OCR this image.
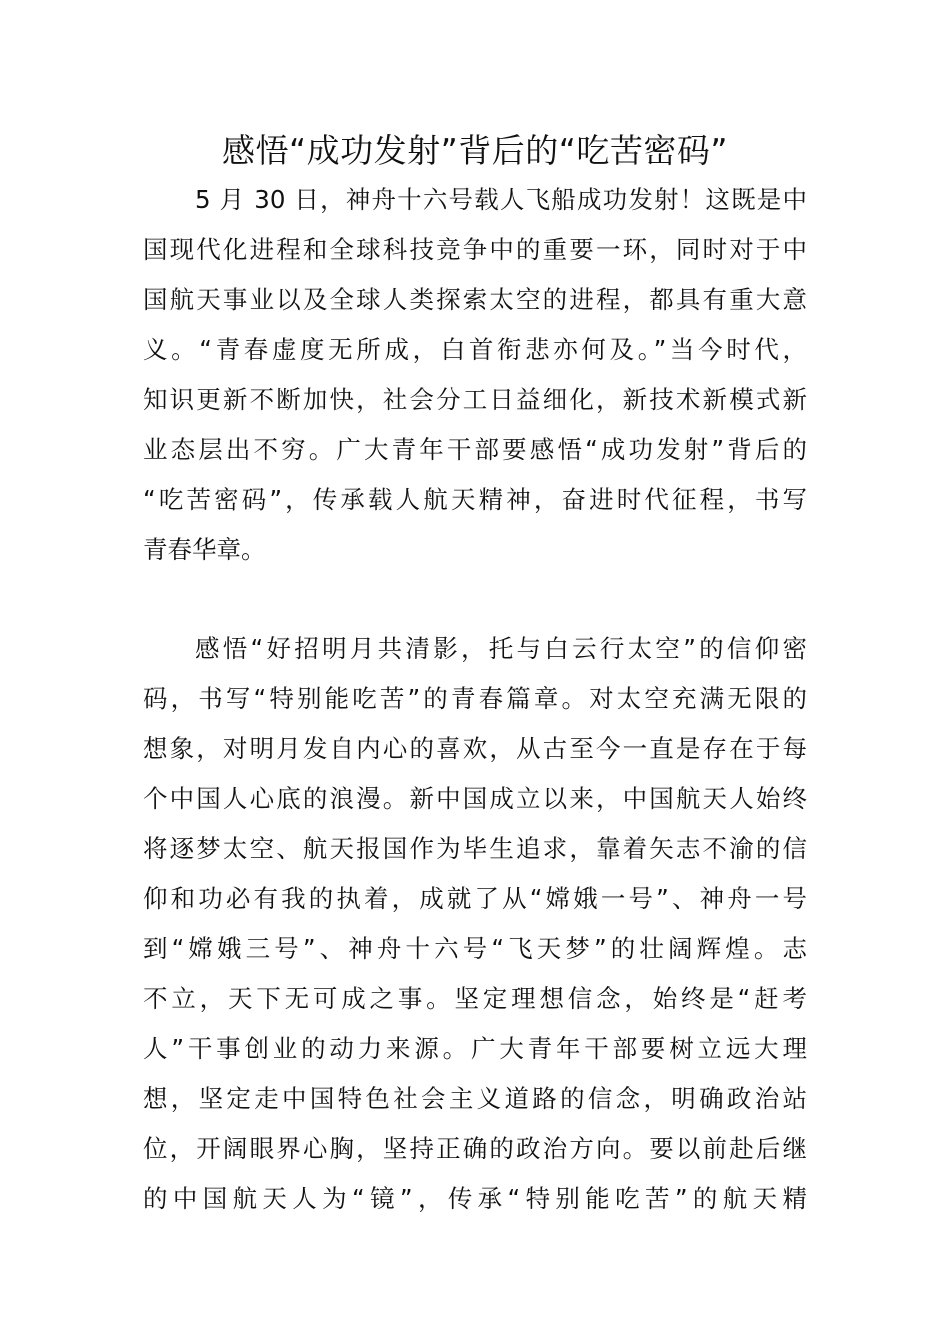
感悟“成功发射”背后的“吃苦密码”
5 月 30 日，神舟十六号载人飞船成功发射！这既是中
国现代化进程和全球科技竞争中的重要一环，同时对于中
国航天事业以及全球人类探索太空的进程，都具有重大意
义。“青春虚度无所成，白首衔悲亦何及。”当今时代，
知识更新不断加快，社会分工日益细化，新技术新模式新
业态层出不穷。广大青年干部要感悟“成功发射”背后的
“吃苦密码”，传承载人航天精神，奋进时代征程，书写
青春华章。
感悟“好招明月共清影，托与白云行太空”的信仰密
码，书写“特别能吃苦”的青春篇章。对太空充满无限的
想象，对明月发自内心的喜欢，从古至今一直是存在于每
个中国人心底的浪漫。新中国成立以来，中国航天人始终
将逐梦太空、航天报国作为毕生追求，靠着矢志不渝的信
仰和功必有我的执着，成就了从“嫦娥一号”、神舟一号
到“嫦娥三号”、神舟十六号“飞天梦”的壮阔辉煌。志
不立，天下无可成之事。坚定理想信念，始终是“赶考
人”干事创业的动力来源。广大青年干部要树立远大理
想，坚定走中国特色社会主义道路的信念，明确政治站
位，开阔眼界心胸，坚持正确的政治方向。要以前赴后继
的中国航天人为“镜”，传承“特别能吃苦”的航天精
